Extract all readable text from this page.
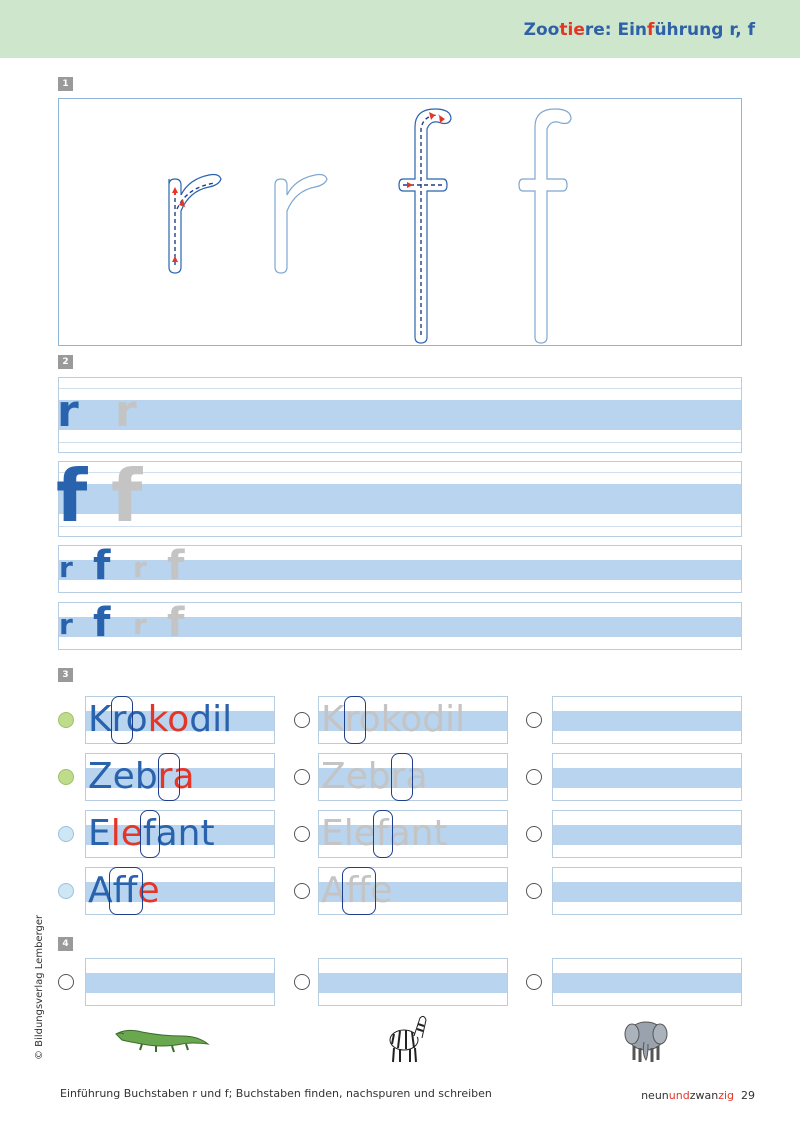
Zootiere: Einführung r, f
1
2
r r
f f
r f r f
r f r f
3
Krokodil Krokodil
Zebra	Zebra
Elefant	Elefant
Afe	Affe
4
Einführung Buchstaben r und f; Buchstaben finden, nachspuren und schreiben	neunundzwanzig 29
© Bildungsverlag Lemberger
